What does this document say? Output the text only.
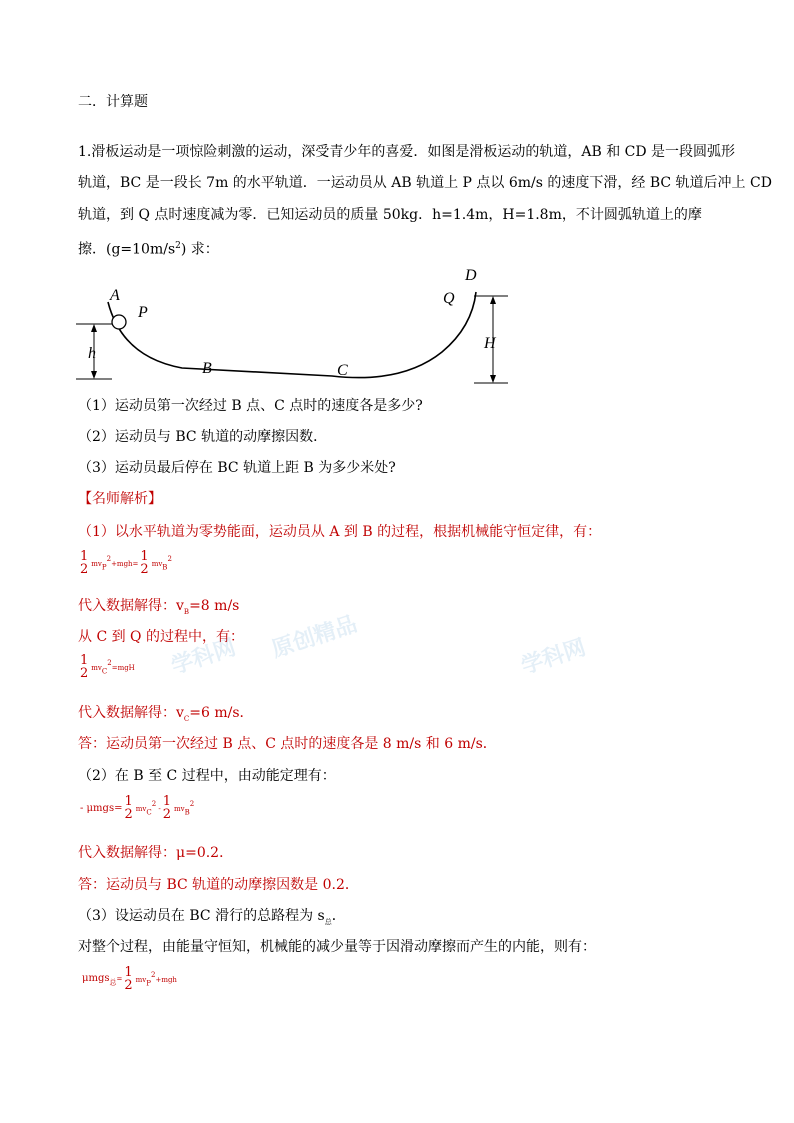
二．计算题
1.滑板运动是一项惊险刺激的运动，深受青少年的喜爱．如图是滑板运动的轨道，AB 和 CD 是一段圆弧形
轨道，BC 是一段长 7m 的水平轨道．一运动员从 AB 轨道上 P 点以 6m/s 的速度下滑，经 BC 轨道后冲上 CD
轨道，到 Q 点时速度减为零．已知运动员的质量 50kg．h=1.4m，H=1.8m，不计圆弧轨道上的摩
擦．$(g=10m/s^2)$ 求：
A
P
h
B	C
D
Q
H
（1）运动员第一次经过 B 点、C 点时的速度各是多少?
（2）运动员与 BC 轨道的动摩擦因数．
（3）运动员最后停在 BC 轨道上距 B 为多少米处?
【名师解析】
（1）以水平轨道为零势能面，运动员从 A 到 B 的过程，根据机械能守恒定律，有：
1
2 $mv_P^2+mgh= 1$
2 $mv_B^2$
代入数据解得：$v_B=8$ m/s
从 C 到 Q 的过程中，有：
1
2 $mv_C^2=mgH$
代入数据解得：$v_C=6$ m/s．
答：运动员第一次经过 B 点、C 点时的速度各是 8 m/s 和 6 m/s．
（2）在 B 至 C 过程中，由动能定理有：
- μmgs= 1
2 $mv_C^2 - 1$
2 $mv_B^2$
代入数据解得：μ=0.2．
答：运动员与 BC 轨道的动摩擦因数是 0.2．
（3）设运动员在 BC 滑行的总路程为 $s_总$．
对整个过程，由能量守恒知，机械能的减少量等于因滑动摩擦而产生的内能，则有：
μmgs$_总$= 1
2 $mv_P^2+mgh$
学科网 原创精品	学科网
